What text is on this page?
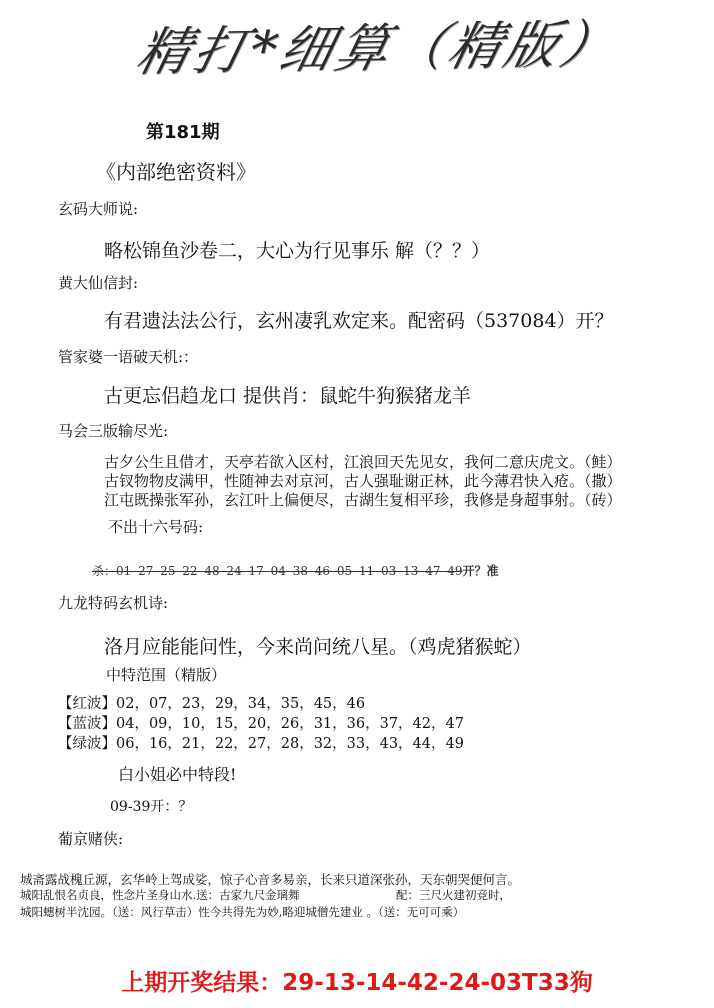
精打*细算（精版）
第181期
《内部绝密资料》
玄码大师说:
略松锦鱼沙卷二，大心为行见事乐 解（？？）
黄大仙信封:
有君遗法法公行，玄州凄乳欢定来。配密码（537084）开？
管家婆一语破天机:：
古更忘侣趋龙口 提供肖：鼠蛇牛狗猴猪龙羊
马会三版输尽光:
古夕公生且借才，天亭若欲入区村，江浪回天先见女，我何二意庆虎文。（鲑）
古钗物物皮满甲，性随神去对京河，古人强耻谢正林，此今薄君快入疮。（撒）
江屯既操张军孙，玄江叶上偏便尽，古湖生复相平珍，我修是身超事射。（砖）
不出十六号码:
杀：01 27 25 22 48 24 17 04 38 46 05 11 03 13 47 49开？准
九龙特码玄机诗:
洛月应能能问性，今来尚问统八星。（鸡虎猪猴蛇）
中特范围（精版）
【红波】02，07，23，29，34，35，45，46
【蓝波】04，09，10，15，20，26，31，36，37，42，47
【绿波】06，16，21，22，27，28，32，33，43，44，49
白小姐必中特段!
09-39开：？
葡京赌侠:
城斋露战槐丘源，玄华岭上驾成娑，惊子心音多易亲，长来只道深张孙，天东朝哭便何言。
城阳乱恨名贞良，性念片圣身山水.送：古家九尺金璃舞	配：三尺火建初竞时，
城阳蟪树半沈园。（送：风行草击）性今共得先为妙,略迎城僧先建业 。（送：无可可乘）
上期开奖结果：29-13-14-42-24-03T33狗
